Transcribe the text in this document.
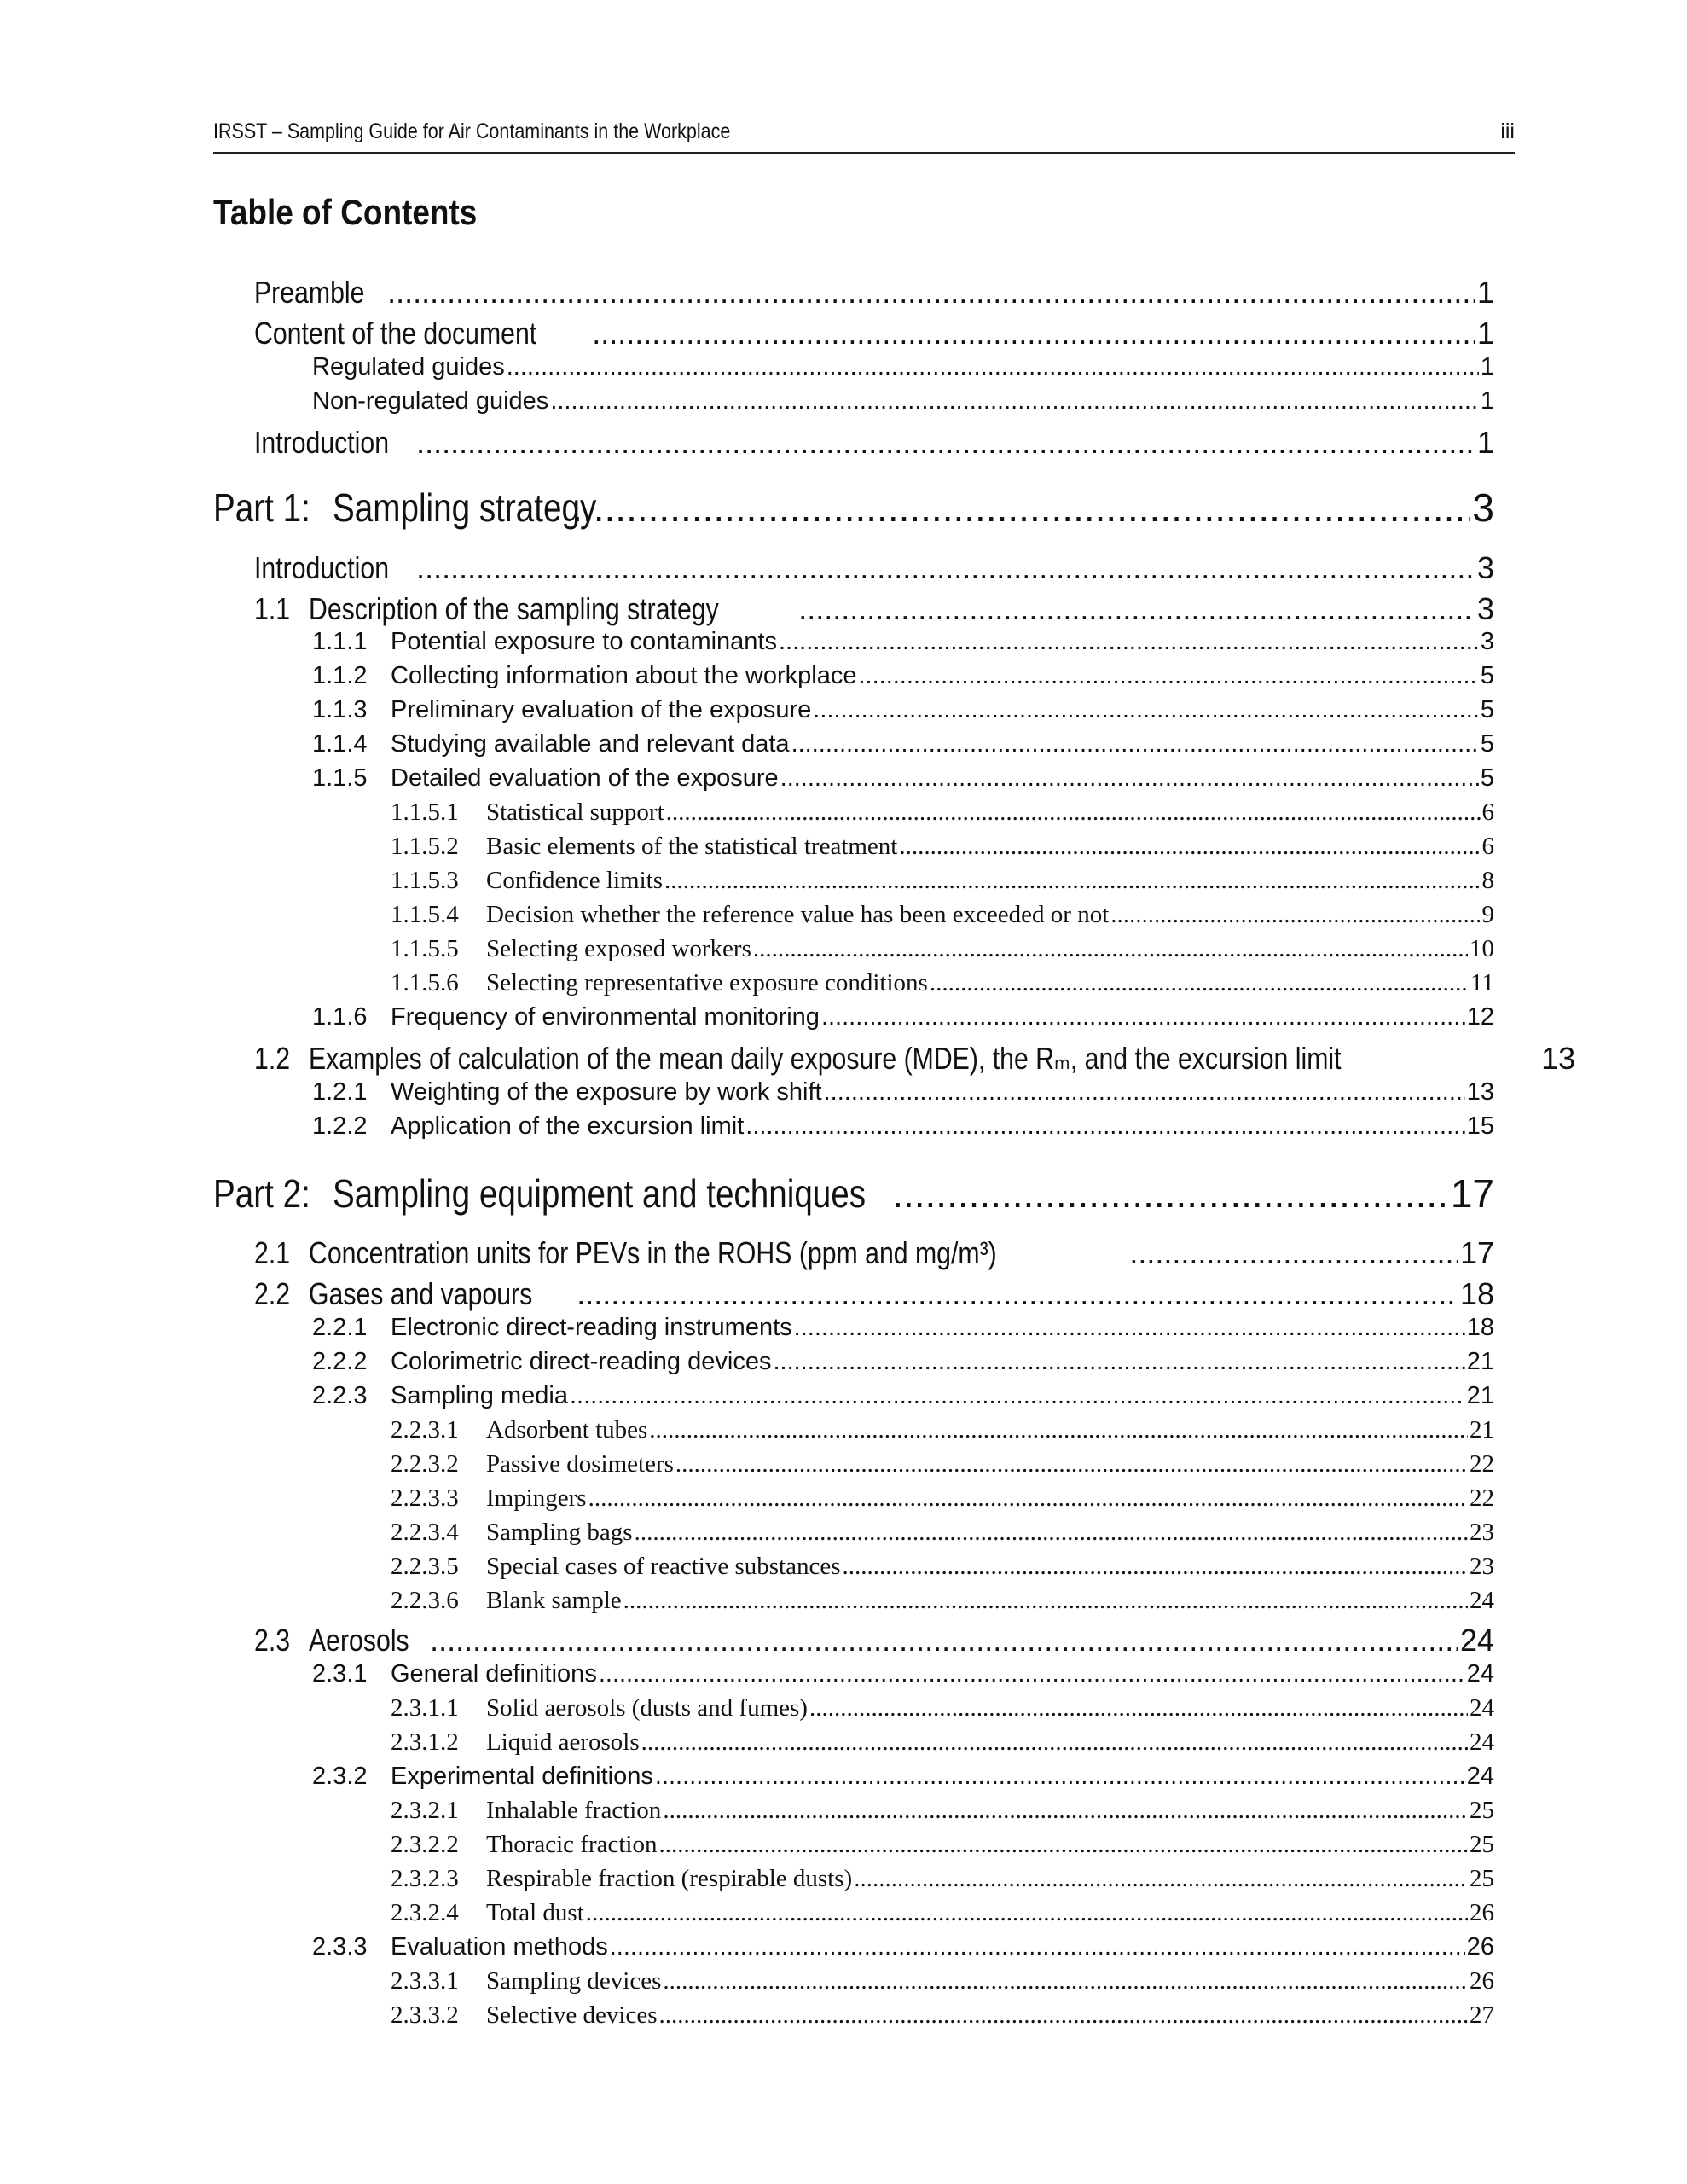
IRSST – Sampling Guide for Air Contaminants in the Workplace	iii
Table of Contents
Preamble .....	1
Content of the document .....	1
Regulated guides .....	1
Non-regulated guides .....	1
Introduction .....	1
Part 1: Sampling strategy .....	3
Introduction .....	3
1.1 Description of the sampling strategy .....	3
1.1.1 Potential exposure to contaminants .....	3
1.1.2 Collecting information about the workplace .....	5
1.1.3 Preliminary evaluation of the exposure .....	5
1.1.4 Studying available and relevant data .....	5
1.1.5 Detailed evaluation of the exposure .....	5
1.1.5.1	Statistical support .....	6
1.1.5.2	Basic elements of the statistical treatment .....	6
1.1.5.3	Confidence limits .....	8
1.1.5.4	Decision whether the reference value has been exceeded or not .....	9
1.1.5.5	Selecting exposed workers .....	10
1.1.5.6	Selecting representative exposure conditions .....	11
1.1.6 Frequency of environmental monitoring .....	12
1.2 Examples of calculation of the mean daily exposure (MDE), the Rₘ, and the excursion limit	13
1.2.1 Weighting of the exposure by work shift .....	13
1.2.2 Application of the excursion limit .....	15
Part 2: Sampling equipment and techniques .....	17
2.1 Concentration units for PEVs in the ROHS (ppm and mg/m³) .....	17
2.2 Gases and vapours .....	18
2.2.1 Electronic direct-reading instruments .....	18
2.2.2 Colorimetric direct-reading devices .....	21
2.2.3 Sampling media .....	21
2.2.3.1	Adsorbent tubes .....	21
2.2.3.2	Passive dosimeters .....	22
2.2.3.3	Impingers .....	22
2.2.3.4	Sampling bags .....	23
2.2.3.5	Special cases of reactive substances .....	23
2.2.3.6	Blank sample .....	24
2.3 Aerosols .....	24
2.3.1 General definitions .....	24
2.3.1.1	Solid aerosols (dusts and fumes) .....	24
2.3.1.2	Liquid aerosols .....	24
2.3.2 Experimental definitions .....	24
2.3.2.1	Inhalable fraction .....	25
2.3.2.2	Thoracic fraction .....	25
2.3.2.3	Respirable fraction (respirable dusts) .....	25
2.3.2.4	Total dust .....	26
2.3.3 Evaluation methods .....	26
2.3.3.1	Sampling devices .....	26
2.3.3.2	Selective devices .....	27
